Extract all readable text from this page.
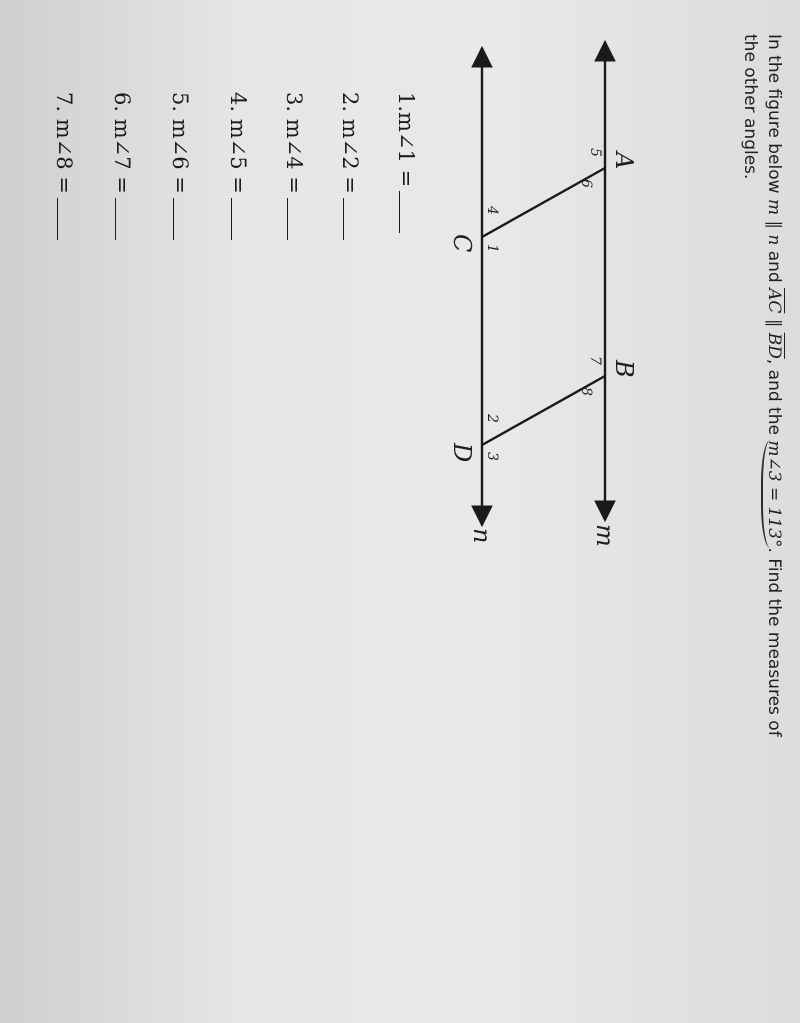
In the figure below m ∥ n and $\overline{AC}$ ∥ $\overline{BD}$, and the m∠3 = 113°. Find the measures of the other angles.
A
B
C
D
m
n
5
6
7
8
4
1
2
3
1.m∠1 =
2. m∠2 =
3. m∠4 =
4. m∠5 =
5. m∠6 =
6. m∠7 =
7. m∠8 =
